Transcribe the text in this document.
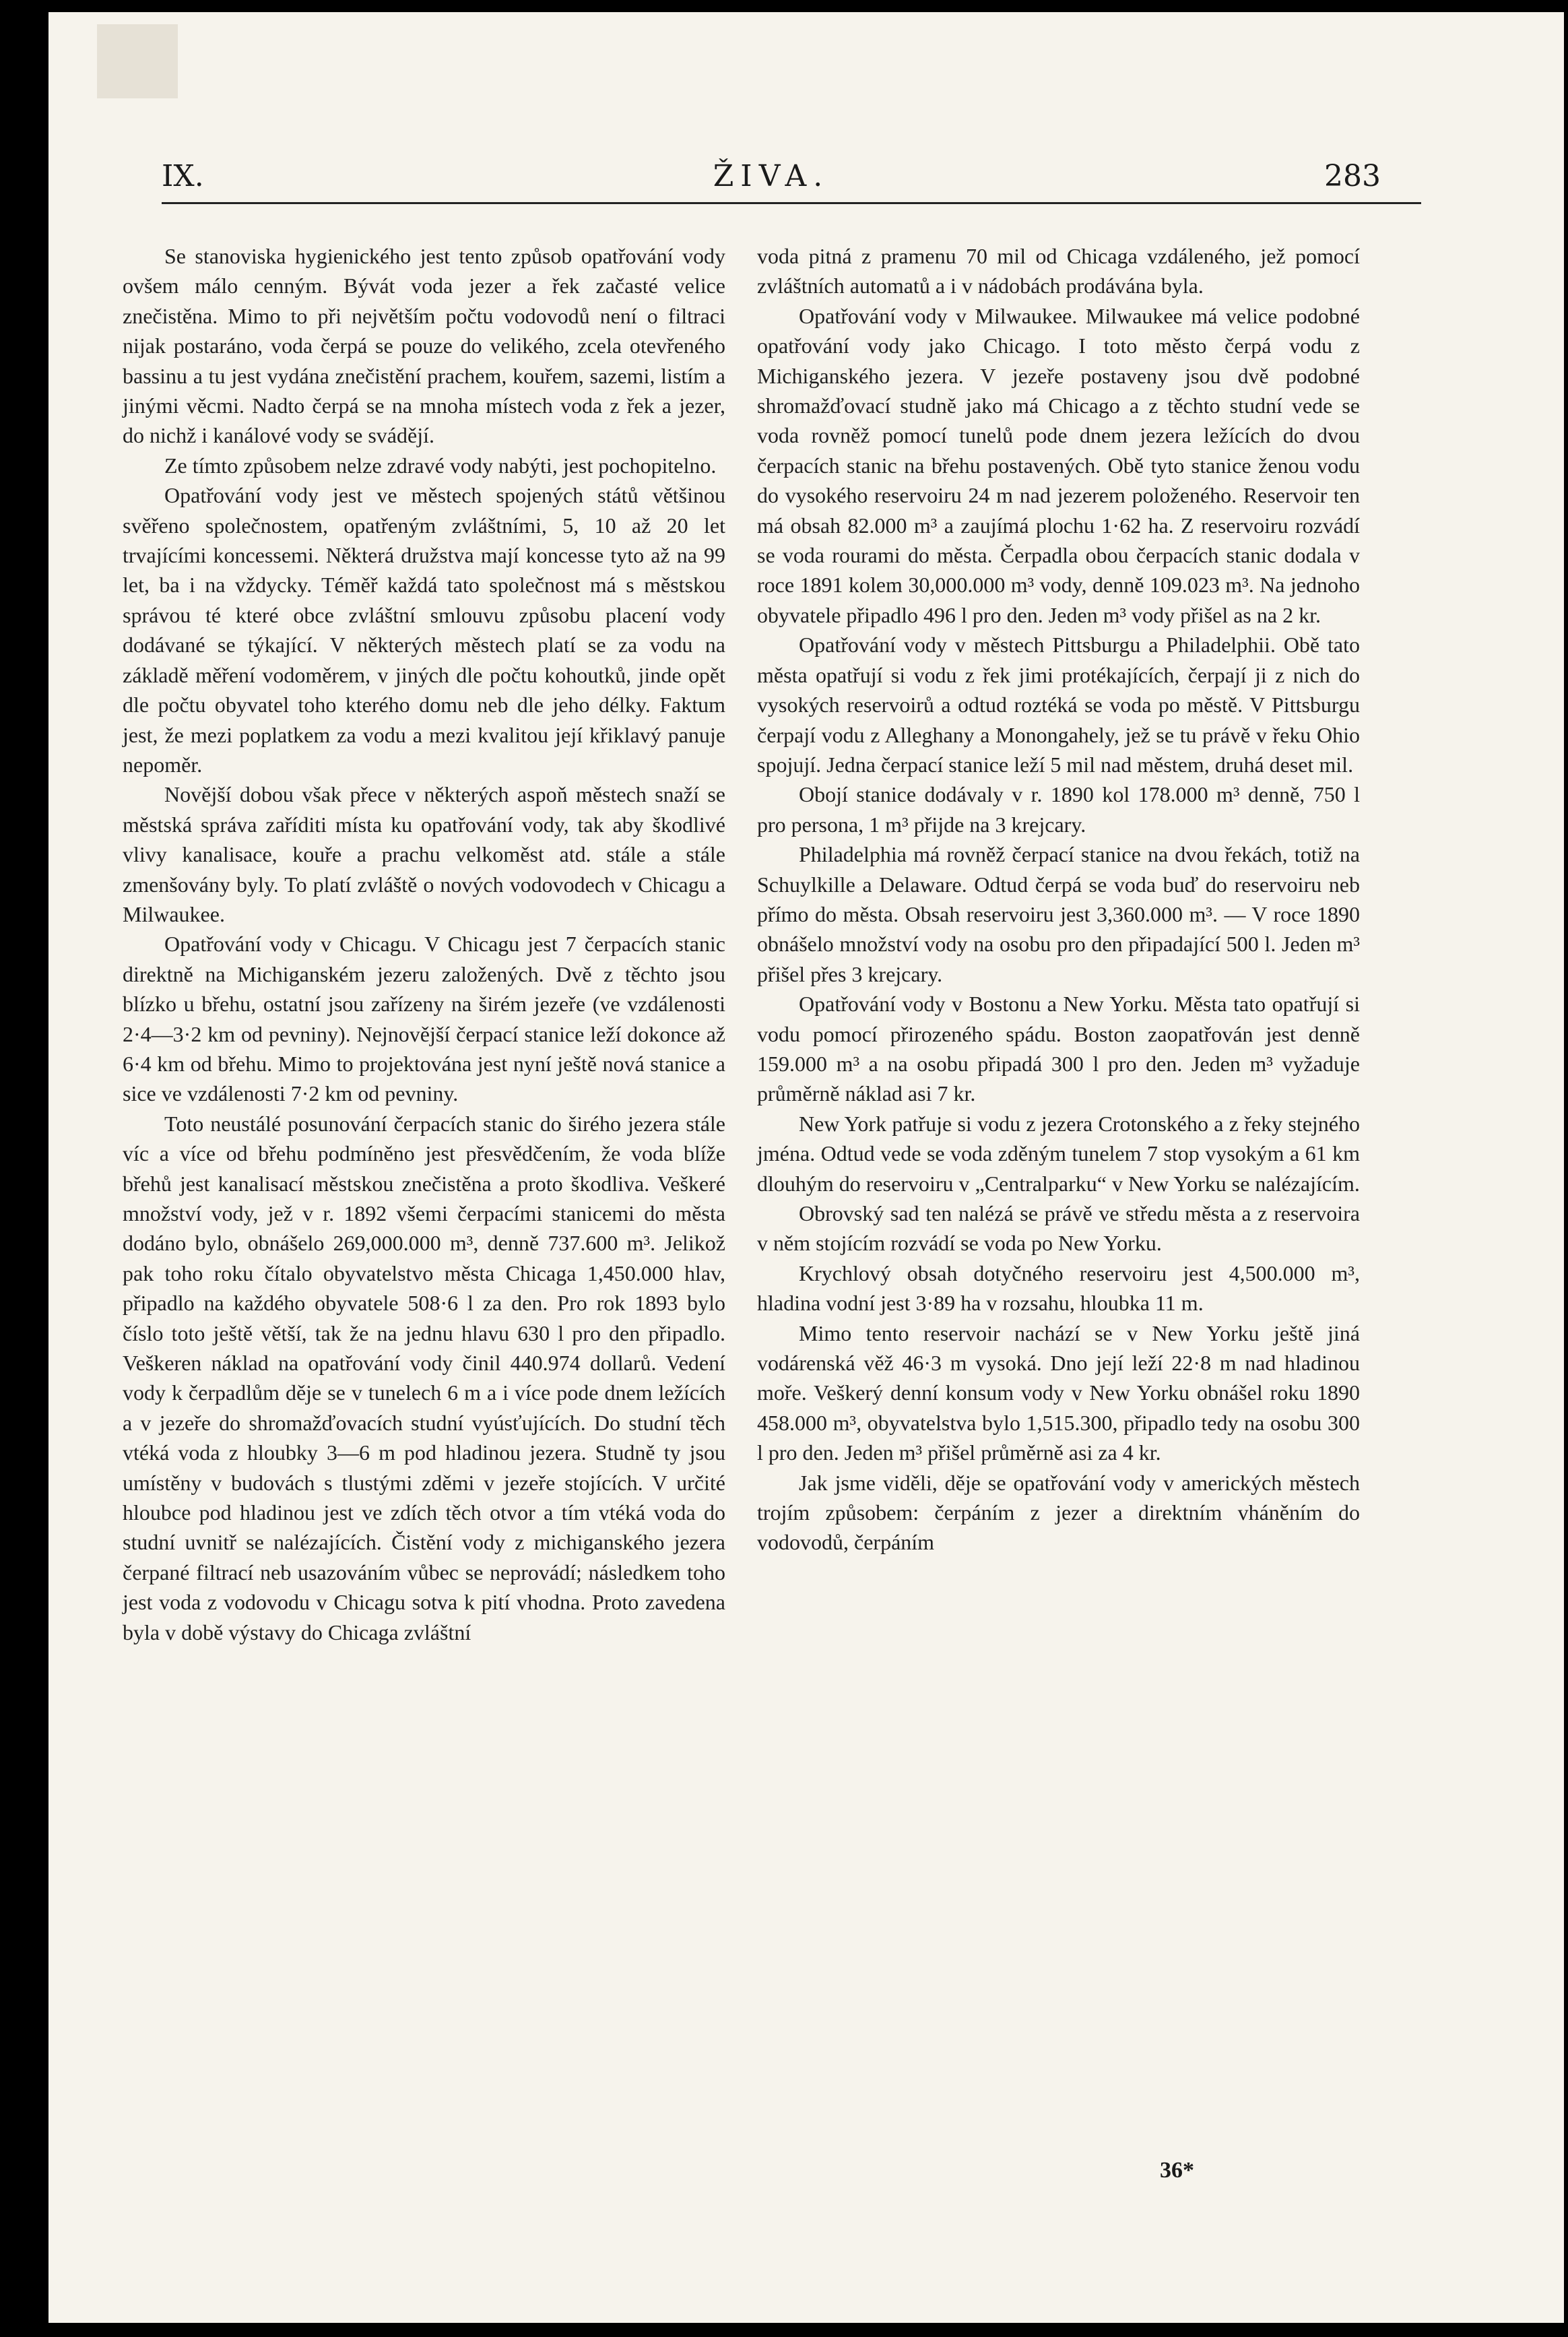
IX.	ŽIVA.	283

Se stanoviska hygienického jest tento způsob opatřování vody ovšem málo cenným. Bývát voda jezer a řek začasté velice znečistěna. Mimo to při největším počtu vodovodů není o filtraci nijak postaráno, voda čerpá se pouze do velikého, zcela otevřeného bassinu a tu jest vydána znečistění prachem, kouřem, sazemi, listím a jinými věcmi. Nadto čerpá se na mnoha místech voda z řek a jezer, do nichž i kanálové vody se svádějí.

Ze tímto způsobem nelze zdravé vody nabýti, jest pochopitelno.

Opatřování vody jest ve městech spojených států většinou svěřeno společnostem, opatřeným zvláštními, 5, 10 až 20 let trvajícími koncessemi. Některá družstva mají koncesse tyto až na 99 let, ba i na vždycky. Téměř každá tato společnost má s městskou správou té které obce zvláštní smlouvu způsobu placení vody dodávané se týkající. V některých městech platí se za vodu na základě měření vodoměrem, v jiných dle počtu kohoutků, jinde opět dle počtu obyvatel toho kterého domu neb dle jeho délky. Faktum jest, že mezi poplatkem za vodu a mezi kvalitou její křiklavý panuje nepoměr.

Novější dobou však přece v některých aspoň městech snaží se městská správa zaříditi místa ku opatřování vody, tak aby škodlivé vlivy kanalisace, kouře a prachu velkoměst atd. stále a stále zmenšovány byly. To platí zvláště o nových vodovodech v Chicagu a Milwaukee.

Opatřování vody v Chicagu. V Chicagu jest 7 čerpacích stanic direktně na Michiganském jezeru založených. Dvě z těchto jsou blízko u břehu, ostatní jsou zařízeny na širém jezeře (ve vzdálenosti 2·4—3·2 km od pevniny). Nejnovější čerpací stanice leží dokonce až 6·4 km od břehu. Mimo to projektována jest nyní ještě nová stanice a sice ve vzdálenosti 7·2 km od pevniny.

Toto neustálé posunování čerpacích stanic do širého jezera stále víc a více od břehu podmíněno jest přesvědčením, že voda blíže břehů jest kanalisací městskou znečistěna a proto škodliva. Veškeré množství vody, jež v r. 1892 všemi čerpacími stanicemi do města dodáno bylo, obnášelo 269,000.000 m³, denně 737.600 m³. Jelikož pak toho roku čítalo obyvatelstvo města Chicaga 1,450.000 hlav, připadlo na každého obyvatele 508·6 l za den. Pro rok 1893 bylo číslo toto ještě větší, tak že na jednu hlavu 630 l pro den připadlo. Veškeren náklad na opatřování vody činil 440.974 dollarů. Vedení vody k čerpadlům děje se v tunelech 6 m a i více pode dnem ležících a v jezeře do shromažďovacích studní vyúsťujících. Do studní těch vtéká voda z hloubky 3—6 m pod hladinou jezera. Studně ty jsou umístěny v budovách s tlustými zděmi v jezeře stojících. V určité hloubce pod hladinou jest ve zdích těch otvor a tím vtéká voda do studní uvnitř se nalézajících. Čistění vody z michiganského jezera čerpané filtrací neb usazováním vůbec se neprovádí; následkem toho jest voda z vodovodu v Chicagu sotva k pití vhodna. Proto zavedena byla v době výstavy do Chicaga zvláštní

voda pitná z pramenu 70 mil od Chicaga vzdáleného, jež pomocí zvláštních automatů a i v nádobách prodávána byla.

Opatřování vody v Milwaukee. Milwaukee má velice podobné opatřování vody jako Chicago. I toto město čerpá vodu z Michiganského jezera. V jezeře postaveny jsou dvě podobné shromažďovací studně jako má Chicago a z těchto studní vede se voda rovněž pomocí tunelů pode dnem jezera ležících do dvou čerpacích stanic na břehu postavených. Obě tyto stanice ženou vodu do vysokého reservoiru 24 m nad jezerem položeného. Reservoir ten má obsah 82.000 m³ a zaujímá plochu 1·62 ha. Z reservoiru rozvádí se voda rourami do města. Čerpadla obou čerpacích stanic dodala v roce 1891 kolem 30,000.000 m³ vody, denně 109.023 m³. Na jednoho obyvatele připadlo 496 l pro den. Jeden m³ vody přišel as na 2 kr.

Opatřování vody v městech Pittsburgu a Philadelphii. Obě tato města opatřují si vodu z řek jimi protékajících, čerpají ji z nich do vysokých reservoirů a odtud roztéká se voda po městě. V Pittsburgu čerpají vodu z Alleghany a Monongahely, jež se tu právě v řeku Ohio spojují. Jedna čerpací stanice leží 5 mil nad městem, druhá deset mil.

Obojí stanice dodávaly v r. 1890 kol 178.000 m³ denně, 750 l pro persona, 1 m³ přijde na 3 krejcary.

Philadelphia má rovněž čerpací stanice na dvou řekách, totiž na Schuylkille a Delaware. Odtud čerpá se voda buď do reservoiru neb přímo do města. Obsah reservoiru jest 3,360.000 m³. — V roce 1890 obnášelo množství vody na osobu pro den připadající 500 l. Jeden m³ přišel přes 3 krejcary.

Opatřování vody v Bostonu a New Yorku. Města tato opatřují si vodu pomocí přirozeného spádu. Boston zaopatřován jest denně 159.000 m³ a na osobu připadá 300 l pro den. Jeden m³ vyžaduje průměrně náklad asi 7 kr.

New York patřuje si vodu z jezera Crotonského a z řeky stejného jména. Odtud vede se voda zděným tunelem 7 stop vysokým a 61 km dlouhým do reservoiru v „Centralparku“ v New Yorku se nalézajícím.

Obrovský sad ten nalézá se právě ve středu města a z reservoira v něm stojícím rozvádí se voda po New Yorku.

Krychlový obsah dotyčného reservoiru jest 4,500.000 m³, hladina vodní jest 3·89 ha v rozsahu, hloubka 11 m.

Mimo tento reservoir nachází se v New Yorku ještě jiná vodárenská věž 46·3 m vysoká. Dno její leží 22·8 m nad hladinou moře. Veškerý denní konsum vody v New Yorku obnášel roku 1890 458.000 m³, obyvatelstva bylo 1,515.300, připadlo tedy na osobu 300 l pro den. Jeden m³ přišel průměrně asi za 4 kr.

Jak jsme viděli, děje se opatřování vody v amerických městech trojím způsobem: čerpáním z jezer a direktním vháněním do vodovodů, čerpáním

36*
